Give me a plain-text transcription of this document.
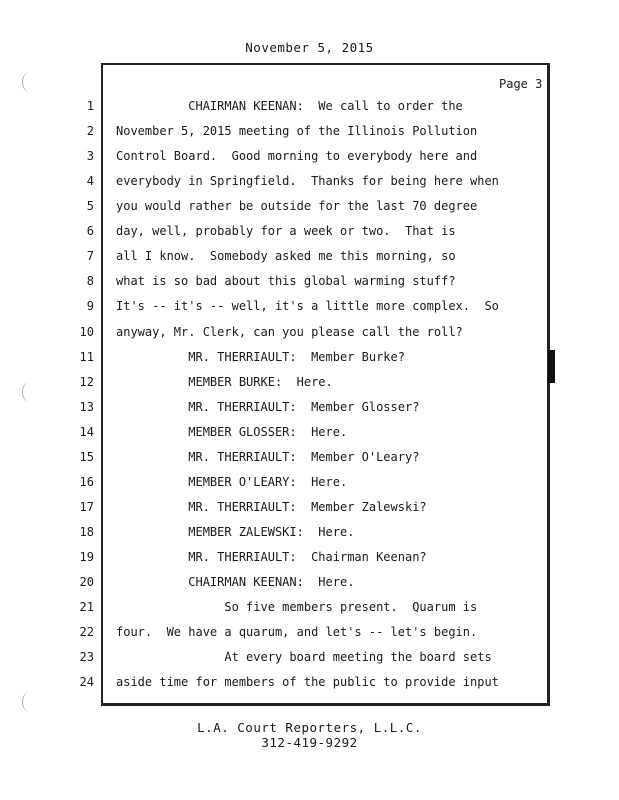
November 5, 2015
Page 3
1 CHAIRMAN KEENAN:  We call to order the
2 November 5, 2015 meeting of the Illinois Pollution
3 Control Board.  Good morning to everybody here and
4 everybody in Springfield.  Thanks for being here when
5 you would rather be outside for the last 70 degree
6 day, well, probably for a week or two.  That is
7 all I know.  Somebody asked me this morning, so
8 what is so bad about this global warming stuff?
9 It's -- it's -- well, it's a little more complex.  So
10 anyway, Mr. Clerk, can you please call the roll?
11 MR. THERRIAULT:  Member Burke?
12 MEMBER BURKE:  Here.
13 MR. THERRIAULT:  Member Glosser?
14 MEMBER GLOSSER:  Here.
15 MR. THERRIAULT:  Member O'Leary?
16 MEMBER O'LEARY:  Here.
17 MR. THERRIAULT:  Member Zalewski?
18 MEMBER ZALEWSKI:  Here.
19 MR. THERRIAULT:  Chairman Keenan?
20 CHAIRMAN KEENAN:  Here.
21 So five members present.  Quarum is
22 four.  We have a quarum, and let's -- let's begin.
23 At every board meeting the board sets
24 aside time for members of the public to provide input
L.A. Court Reporters, L.L.C.
312-419-9292
